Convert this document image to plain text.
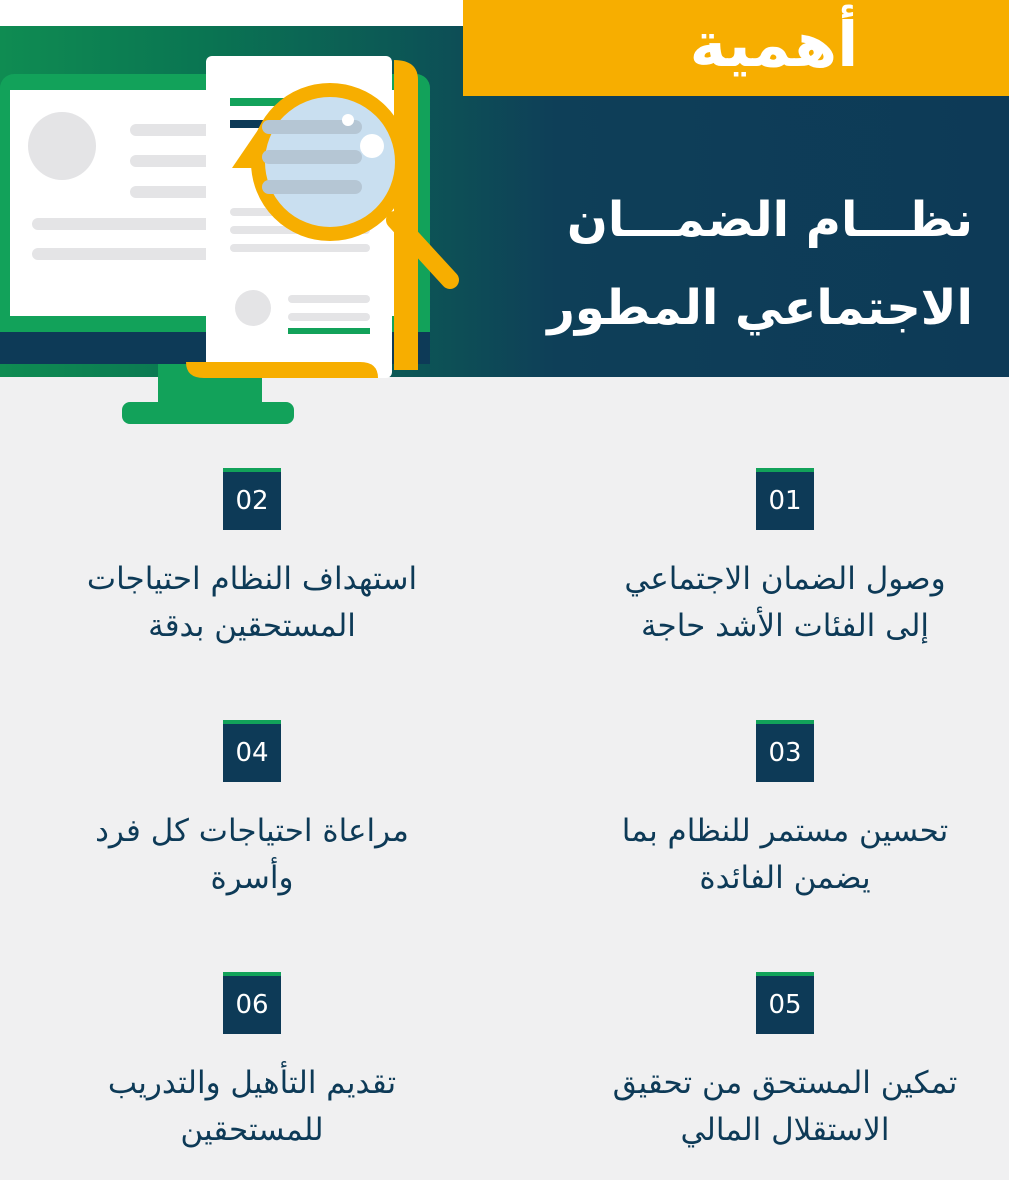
نظـــام الضمـــان
الاجتماعي المطور
أهمية
01
وصول الضمان الاجتماعي
إلى الفئات الأشد حاجة
02
استهداف النظام احتياجات
المستحقين بدقة
03
تحسين مستمر للنظام بما
يضمن الفائدة
04
مراعاة احتياجات كل فرد
وأسرة
05
تمكين المستحق من تحقيق
الاستقلال المالي
06
تقديم التأهيل والتدريب
للمستحقين
